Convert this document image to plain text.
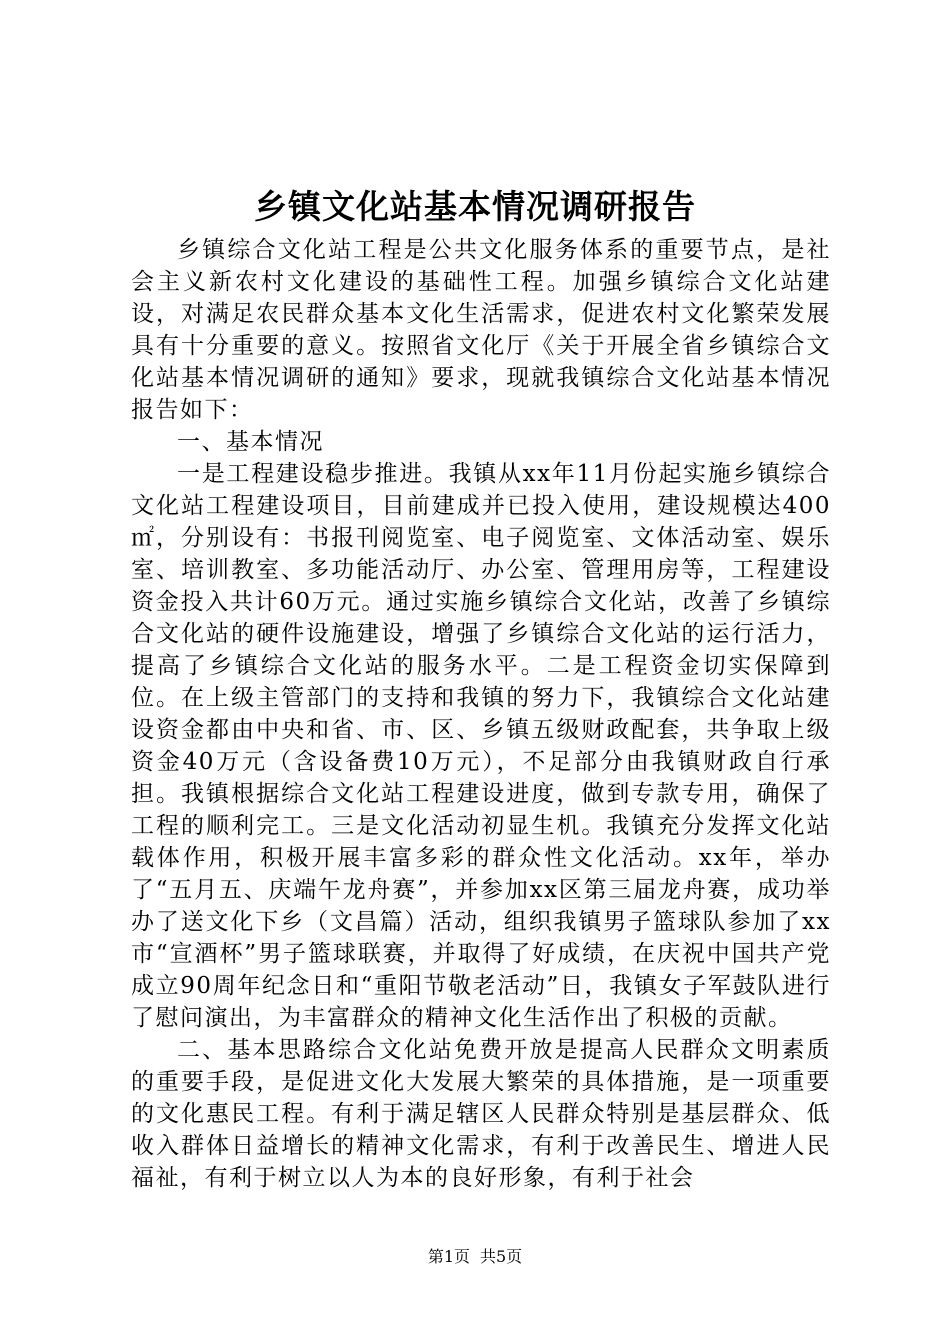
乡镇文化站基本情况调研报告

乡镇综合文化站工程是公共文化服务体系的重要节点，是社会主义新农村文化建设的基础性工程。加强乡镇综合文化站建设，对满足农民群众基本文化生活需求，促进农村文化繁荣发展具有十分重要的意义。按照省文化厅《关于开展全省乡镇综合文化站基本情况调研的通知》要求，现就我镇综合文化站基本情况报告如下：

一、基本情况

一是工程建设稳步推进。我镇从xx年11月份起实施乡镇综合文化站工程建设项目，目前建成并已投入使用，建设规模达400㎡，分别设有：书报刊阅览室、电子阅览室、文体活动室、娱乐室、培训教室、多功能活动厅、办公室、管理用房等，工程建设资金投入共计60万元。通过实施乡镇综合文化站，改善了乡镇综合文化站的硬件设施建设，增强了乡镇综合文化站的运行活力，提高了乡镇综合文化站的服务水平。二是工程资金切实保障到位。在上级主管部门的支持和我镇的努力下，我镇综合文化站建设资金都由中央和省、市、区、乡镇五级财政配套，共争取上级资金40万元（含设备费10万元），不足部分由我镇财政自行承担。我镇根据综合文化站工程建设进度，做到专款专用，确保了工程的顺利完工。三是文化活动初显生机。我镇充分发挥文化站载体作用，积极开展丰富多彩的群众性文化活动。xx年，举办了“五月五、庆端午龙舟赛”，并参加xx区第三届龙舟赛，成功举办了送文化下乡（文昌篇）活动，组织我镇男子篮球队参加了xx市“宣酒杯”男子篮球联赛，并取得了好成绩，在庆祝中国共产党成立90周年纪念日和“重阳节敬老活动”日，我镇女子军鼓队进行了慰问演出，为丰富群众的精神文化生活作出了积极的贡献。

二、基本思路综合文化站免费开放是提高人民群众文明素质的重要手段，是促进文化大发展大繁荣的具体措施，是一项重要的文化惠民工程。有利于满足辖区人民群众特别是基层群众、低收入群体日益增长的精神文化需求，有利于改善民生、增进人民福祉，有利于树立以人为本的良好形象，有利于社会

第1页 共5页
